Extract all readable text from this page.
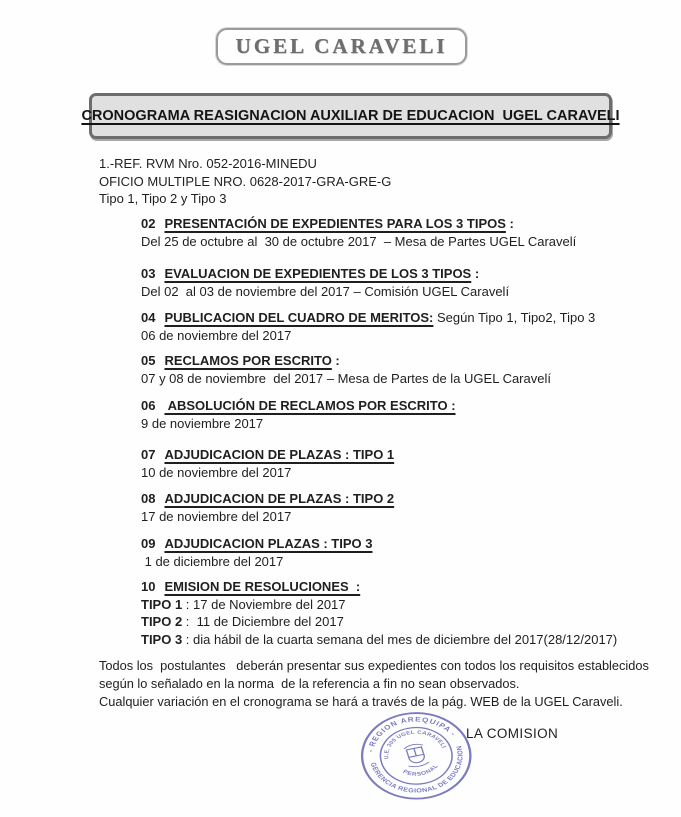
UGEL CARAVELI
CRONOGRAMA REASIGNACION AUXILIAR DE EDUCACION  UGEL CARAVELI
1.-REF. RVM Nro. 052-2016-MINEDU
OFICIO MULTIPLE NRO. 0628-2017-GRA-GRE-G
Tipo 1, Tipo 2 y Tipo 3
02 PRESENTACIÓN DE EXPEDIENTES PARA LOS 3 TIPOS :
Del 25 de octubre al  30 de octubre 2017  – Mesa de Partes UGEL Caravelí
03 EVALUACION DE EXPEDIENTES DE LOS 3 TIPOS :
Del 02  al 03 de noviembre del 2017 – Comisión UGEL Caravelí
04 PUBLICACION DEL CUADRO DE MERITOS: Según Tipo 1, Tipo2, Tipo 3
06 de noviembre del 2017
05 RECLAMOS POR ESCRITO :
07 y 08 de noviembre  del 2017 – Mesa de Partes de la UGEL Caravelí
06 ABSOLUCIÓN DE RECLAMOS POR ESCRITO :
9 de noviembre 2017
07 ADJUDICACION DE PLAZAS : TIPO 1
10 de noviembre del 2017
08 ADJUDICACION DE PLAZAS : TIPO 2
17 de noviembre del 2017
09 ADJUDICACION PLAZAS : TIPO 3
1 de diciembre del 2017
10 EMISION DE RESOLUCIONES  :
TIPO 1 : 17 de Noviembre del 2017
TIPO 2 :  11 de Diciembre del 2017
TIPO 3 : dia hábil de la cuarta semana del mes de diciembre del 2017(28/12/2017)
Todos los  postulantes   deberán presentar sus expedientes con todos los requisitos establecidos
según lo señalado en la norma  de la referencia a fin no sean observados.
Cualquier variación en el cronograma se hará a través de la pág. WEB de la UGEL Caraveli.
- REGION AREQUIPA -
GERENCIA REGIONAL DE EDUCACION
U.E. 305 UGEL CARAVELI
PERSONAL
LA COMISION
